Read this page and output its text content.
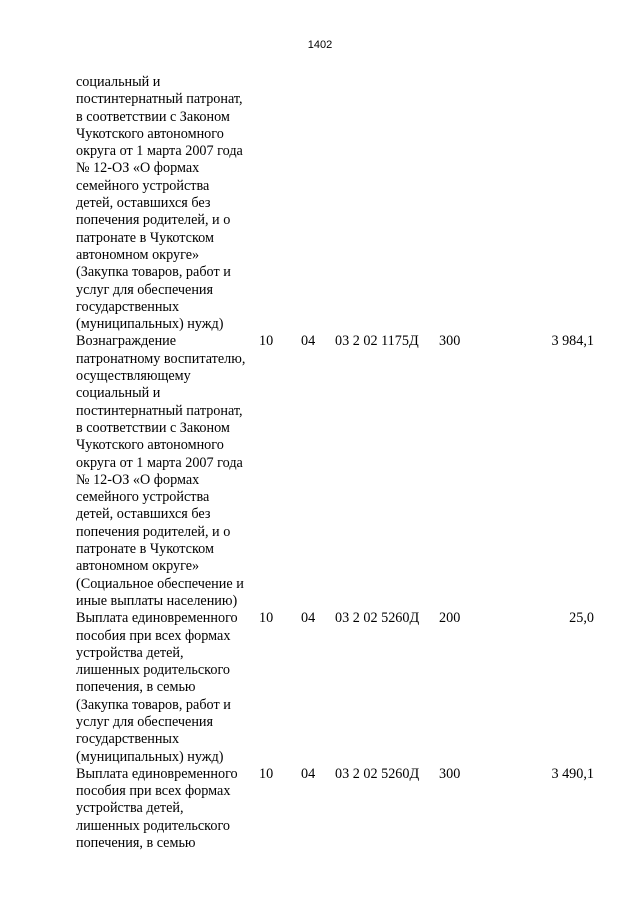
1402
социальный и
постинтернатный патронат,
в соответствии с Законом
Чукотского автономного
округа от 1 марта 2007 года
№ 12-ОЗ «О формах
семейного устройства
детей, оставшихся без
попечения родителей, и о
патронате в Чукотском
автономном округе»
(Закупка товаров, работ и
услуг для обеспечения
государственных
(муниципальных) нужд)
Вознаграждение
патронатному воспитателю,
осуществляющему
социальный и
постинтернатный патронат,
в соответствии с Законом
Чукотского автономного
округа от 1 марта 2007 года
№ 12-ОЗ «О формах
семейного устройства
детей, оставшихся без
попечения родителей, и о
патронате в Чукотском
автономном округе»
(Социальное обеспечение и
иные выплаты населению)
10 04 03 2 02 1175Д 300	3 984,1
Выплата единовременного
пособия при всех формах
устройства детей,
лишенных родительского
попечения, в семью
(Закупка товаров, работ и
услуг для обеспечения
государственных
(муниципальных) нужд)
10 04 03 2 02 5260Д 200	25,0
Выплата единовременного
пособия при всех формах
устройства детей,
лишенных родительского
попечения, в семью
10 04 03 2 02 5260Д 300	3 490,1
